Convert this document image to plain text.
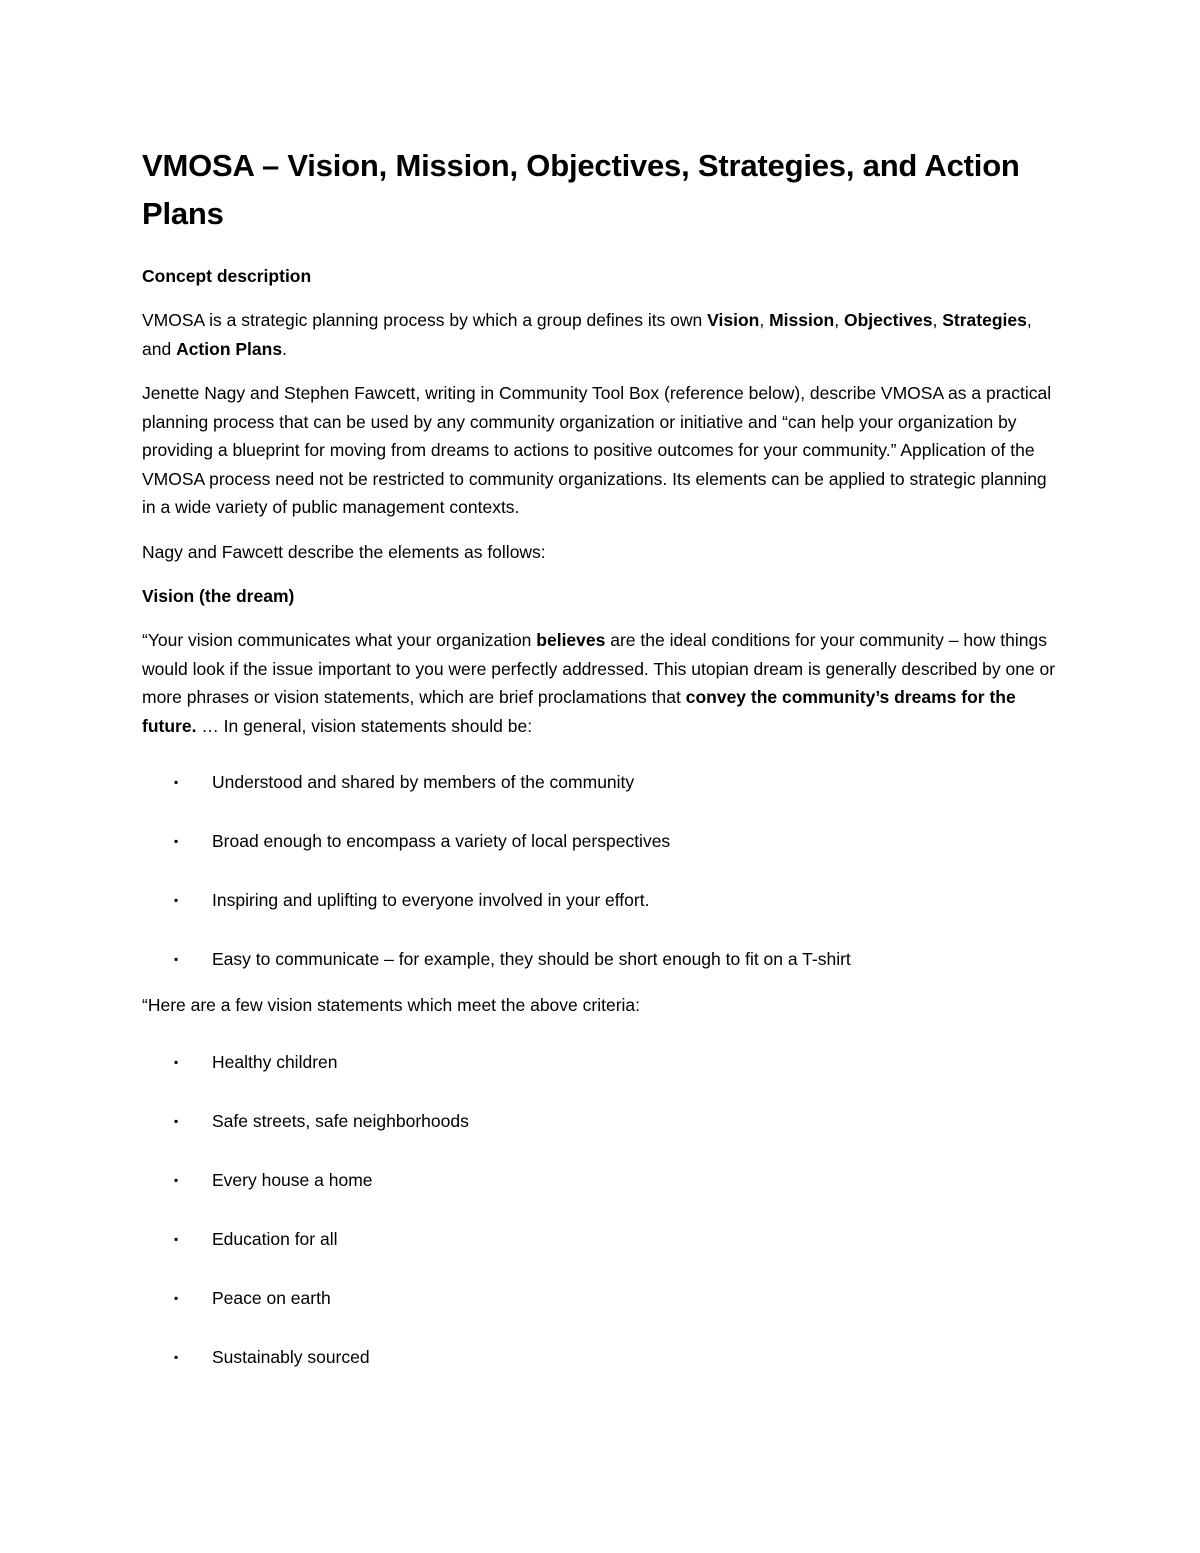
VMOSA – Vision, Mission, Objectives, Strategies, and Action Plans
Concept description

VMOSA is a strategic planning process by which a group defines its own Vision, Mission, Objectives, Strategies, and Action Plans.

Jenette Nagy and Stephen Fawcett, writing in Community Tool Box (reference below), describe VMOSA as a practical planning process that can be used by any community organization or initiative and “can help your organization by providing a blueprint for moving from dreams to actions to positive outcomes for your community.” Application of the VMOSA process need not be restricted to community organizations. Its elements can be applied to strategic planning in a wide variety of public management contexts.

Nagy and Fawcett describe the elements as follows:

Vision (the dream)

“Your vision communicates what your organization believes are the ideal conditions for your community – how things would look if the issue important to you were perfectly addressed. This utopian dream is generally described by one or more phrases or vision statements, which are brief proclamations that convey the community’s dreams for the future. … In general, vision statements should be:

▪ Understood and shared by members of the community
▪ Broad enough to encompass a variety of local perspectives
▪ Inspiring and uplifting to everyone involved in your effort.
▪ Easy to communicate – for example, they should be short enough to fit on a T-shirt

“Here are a few vision statements which meet the above criteria:

▪ Healthy children
▪ Safe streets, safe neighborhoods
▪ Every house a home
▪ Education for all
▪ Peace on earth
▪ Sustainably sourced
